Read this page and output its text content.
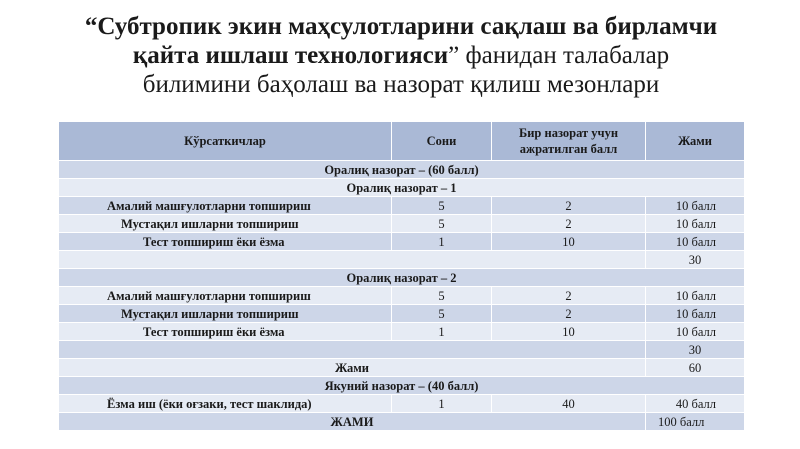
“Субтропик экин маҳсулотларини сақлаш ва бирламчи
қайта ишлаш технологияси” фанидан талабалар
билимини баҳолаш ва назорат қилиш мезонлари
Кўрсаткичлар	Сони	Бир назорат учун ажратилган балл	Жами
Оралиқ назорат – (60 балл)			
Оралиқ назорат – 1			
Амалий машғулотларни топшириш	5	2	10 балл
Мустақил ишларни топшириш	5	2	10 балл
Тест топшириш ёки ёзма	1	10	10 балл
			30
Оралиқ назорат – 2			
Амалий машғулотларни топшириш	5	2	10 балл
Мустақил ишларни топшириш	5	2	10 балл
Тест топшириш ёки ёзма	1	10	10 балл
			30
Жами			60
Якуний назорат – (40 балл)			
Ёзма иш (ёки оғзаки, тест шаклида)	1	40	40 балл
ЖАМИ			100 балл
